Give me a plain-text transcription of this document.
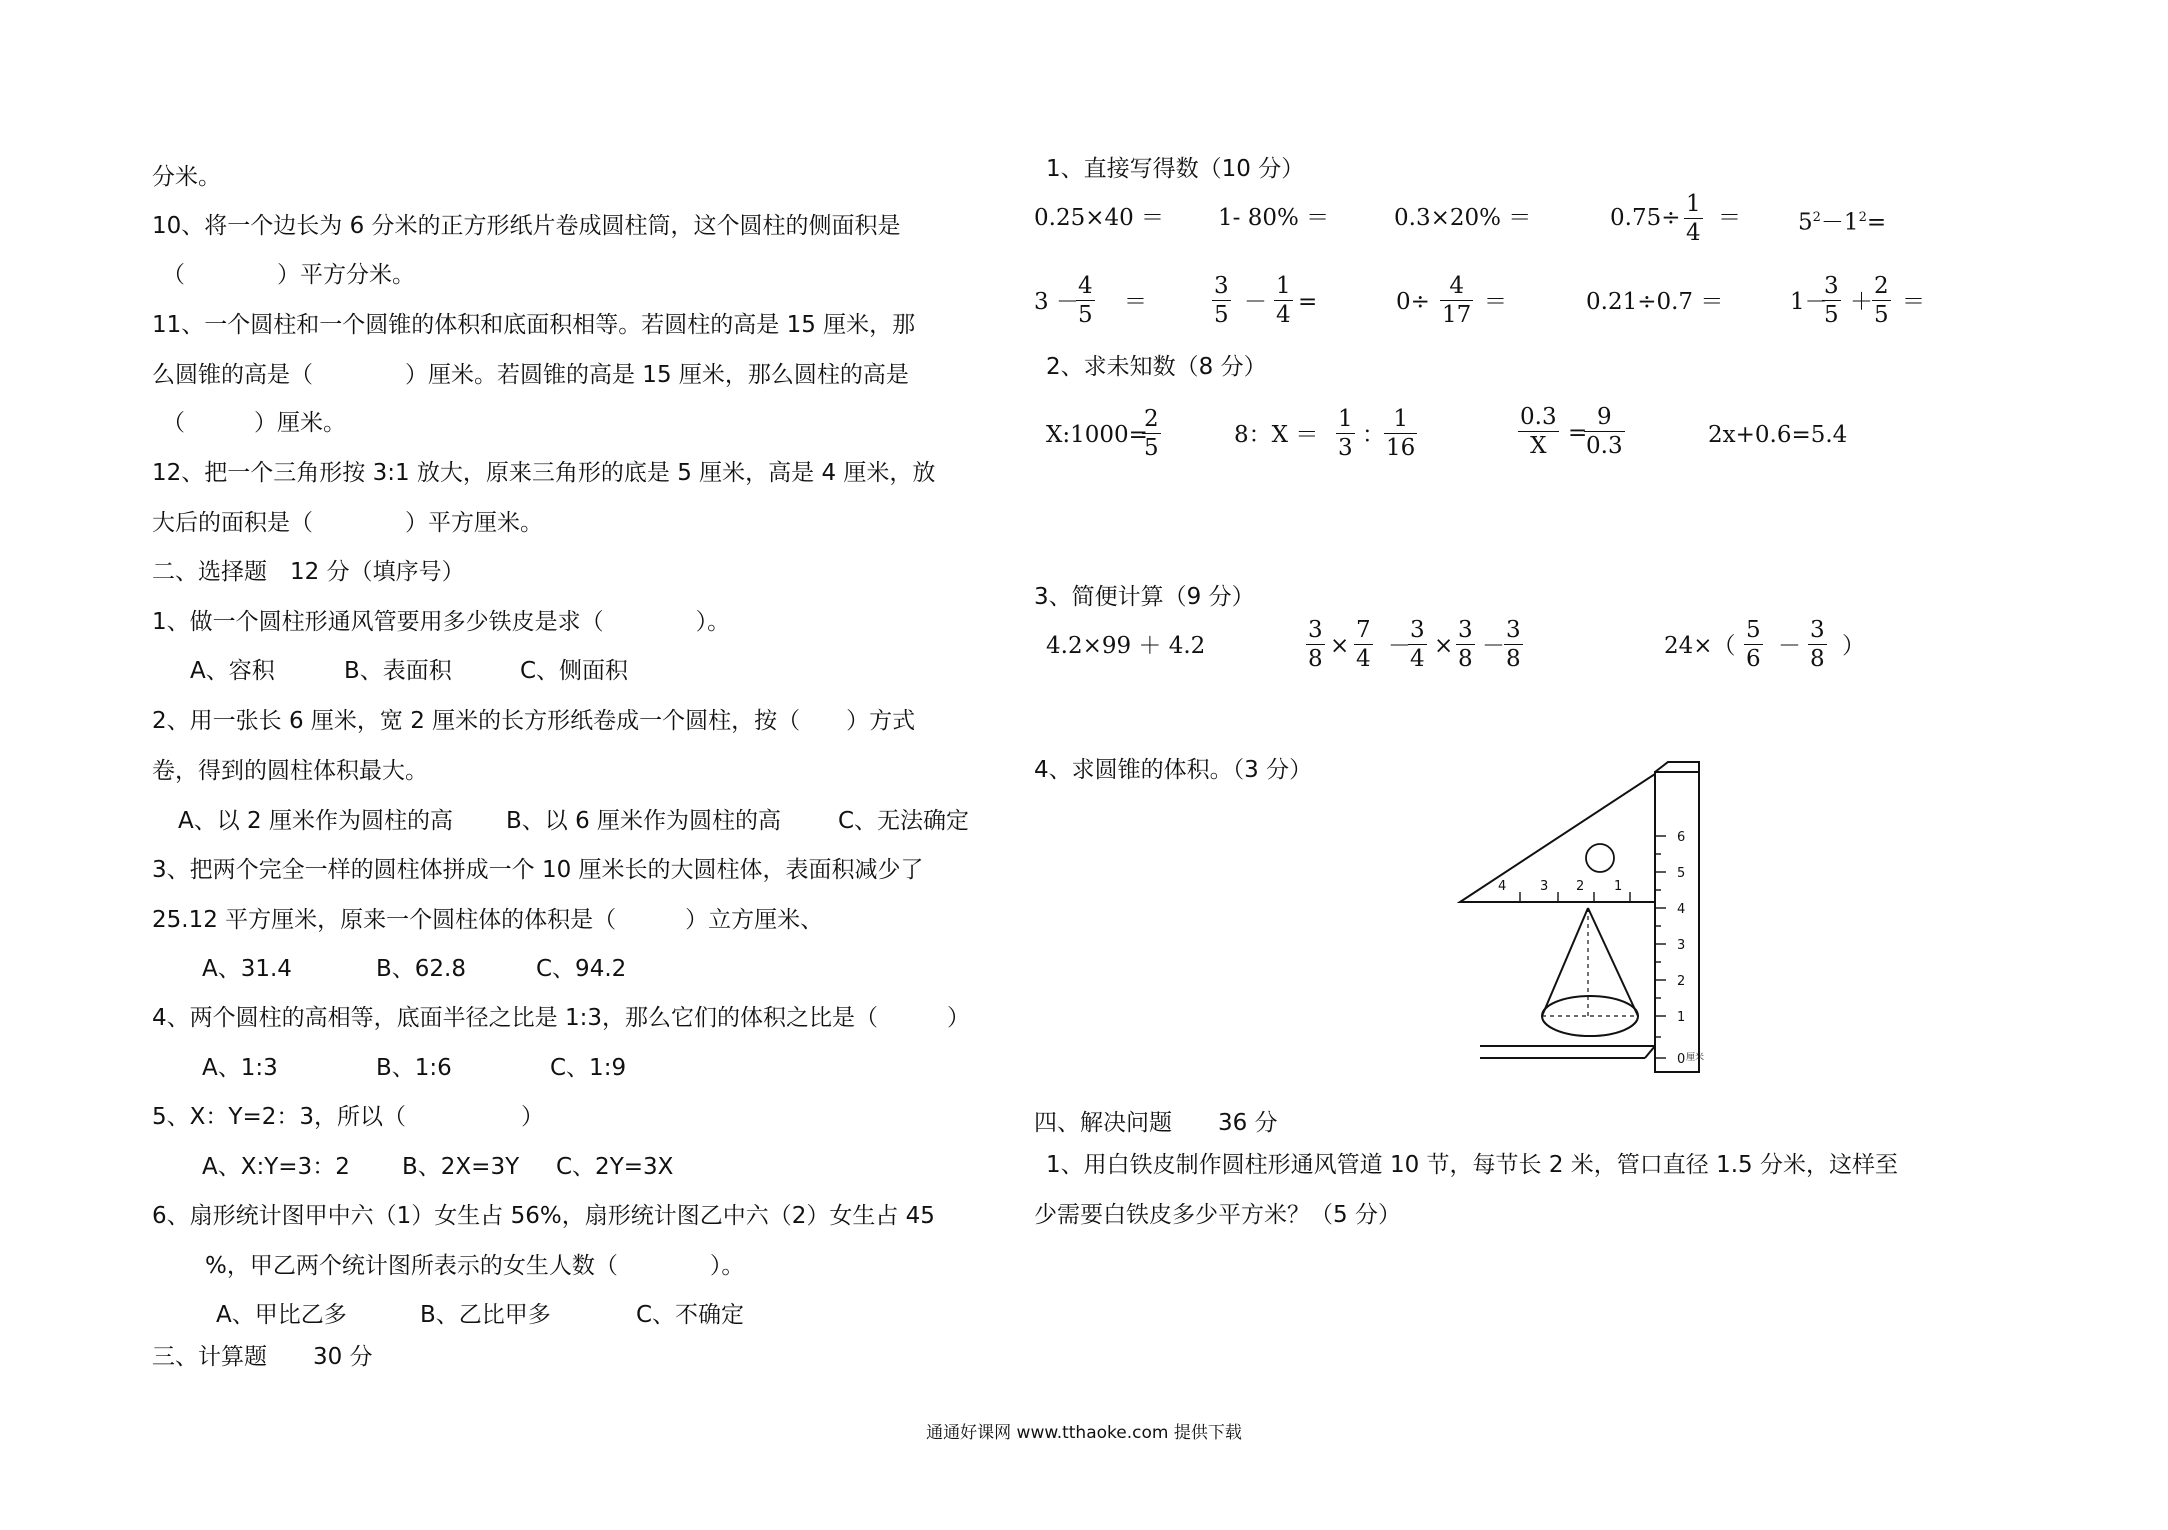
分米。
10、将一个边长为 6 分米的正方形纸片卷成圆柱筒，这个圆柱的侧面积是
（　　　　）平方分米。
11、一个圆柱和一个圆锥的体积和底面积相等。若圆柱的高是 15 厘米，那
么圆锥的高是（　　　　）厘米。若圆锥的高是 15 厘米，那么圆柱的高是
（　　　）厘米。
12、把一个三角形按 3:1 放大，原来三角形的底是 5 厘米，高是 4 厘米，放
大后的面积是（　　　　）平方厘米。
二、选择题　12 分（填序号）
1、做一个圆柱形通风管要用多少铁皮是求（　　　　）。
A、容积	B、表面积	C、侧面积
2、用一张长 6 厘米，宽 2 厘米的长方形纸卷成一个圆柱，按（　　）方式
卷，得到的圆柱体积最大。
A、以 2 厘米作为圆柱的高 B、以 6 厘米作为圆柱的高 C、无法确定
3、把两个完全一样的圆柱体拼成一个 10 厘米长的大圆柱体，表面积减少了
25.12 平方厘米，原来一个圆柱体的体积是（　　　）立方厘米、
A、31.4	B、62.8	C、94.2
4、两个圆柱的高相等，底面半径之比是 1:3，那么它们的体积之比是（　　　）
A、1:3	B、1:6	C、1:9
5、X：Y=2：3，所以（　　　　　）
A、X:Y=3：2 B、2X=3Y C、2Y=3X
6、扇形统计图甲中六（1）女生占 56%，扇形统计图乙中六（2）女生占 45
%，甲乙两个统计图所表示的女生人数（　　　　）。
A、甲比乙多	B、乙比甲多	C、不确定
三、计算题　　30 分
1、直接写得数（10 分）
0.25×40 ＝ 1- 80% ＝	0.3×20% ＝	0.75÷
1
4
＝ $5^2-1^2=$
3 －
4
5 ＝
3
5 －
1
4 =	0÷
4
17 ＝	0.21÷0.7 ＝	1－
3
5 ＋
2
5 ＝
2、求未知数（8 分）
X:1000=
2
5	8：X ＝
1
3 ：
1
16
0.3
X =
9
0.3	2x+0.6=5.4
3、简便计算（9 分）
4.2×99 ＋ 4.2
3
8 ×
7
4 －
3
4 ×
3
8 －
3
8	24×（
5
6 －
3
8 ）
4、求圆锥的体积。（3 分）
0
1
2
3
4
5
6
厘米
4	3 2 1
四、解决问题　　36 分
1、用白铁皮制作圆柱形通风管道 10 节，每节长 2 米，管口直径 1.5 分米，这样至
少需要白铁皮多少平方米？（5 分）
通通好课网 www.tthaoke.com 提供下载
